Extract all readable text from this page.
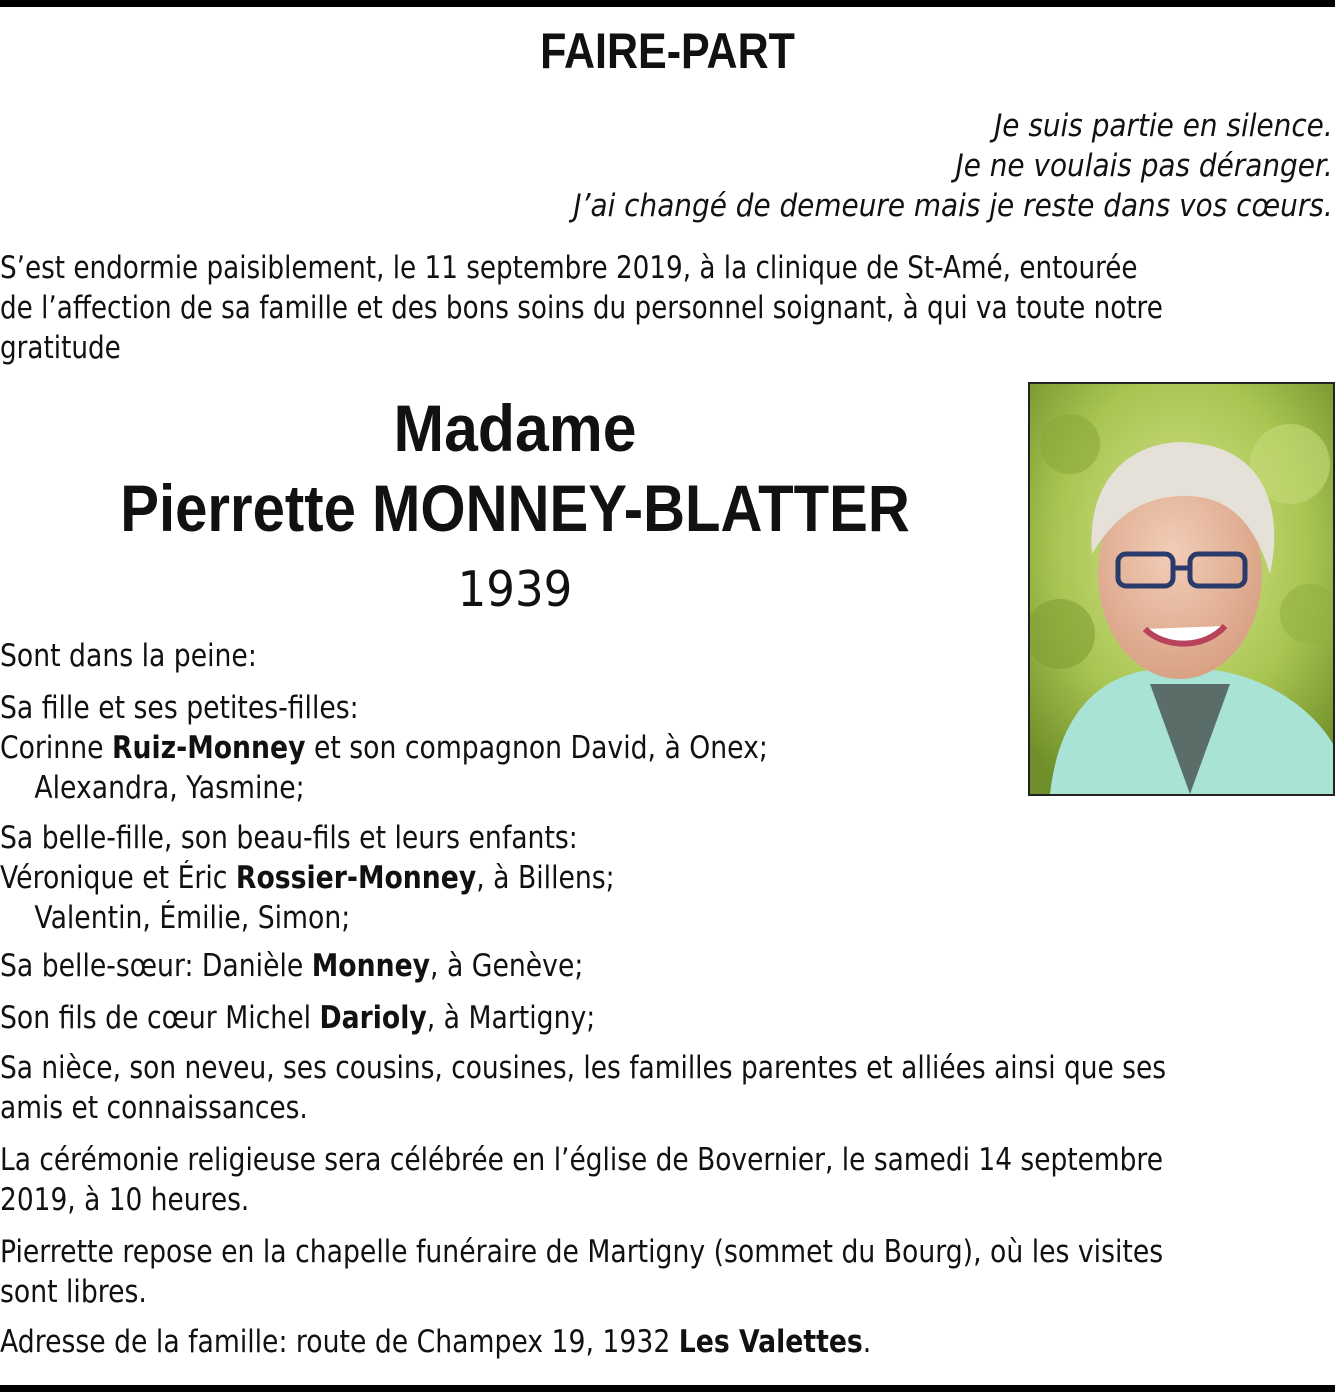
FAIRE-PART
Je suis partie en silence.
Je ne voulais pas déranger.
J’ai changé de demeure mais je reste dans vos cœurs.
S’est endormie paisiblement, le 11 septembre 2019, à la clinique de St-Amé, entourée
de l’affection de sa famille et des bons soins du personnel soignant, à qui va toute notre
gratitude
Madame
Pierrette MONNEY-BLATTER
1939
Sont dans la peine:
Sa fille et ses petites-filles:
Corinne Ruiz-Monney et son compagnon David, à Onex;
Alexandra, Yasmine;
Sa belle-fille, son beau-fils et leurs enfants:
Véronique et Éric Rossier-Monney, à Billens;
Valentin, Émilie, Simon;
Sa belle-sœur: Danièle Monney, à Genève;
Son fils de cœur Michel Darioly, à Martigny;
Sa nièce, son neveu, ses cousins, cousines, les familles parentes et alliées ainsi que ses
amis et connaissances.
La cérémonie religieuse sera célébrée en l’église de Bovernier, le samedi 14 septembre
2019, à 10 heures.
Pierrette repose en la chapelle funéraire de Martigny (sommet du Bourg), où les visites
sont libres.
Adresse de la famille: route de Champex 19, 1932 Les Valettes.
